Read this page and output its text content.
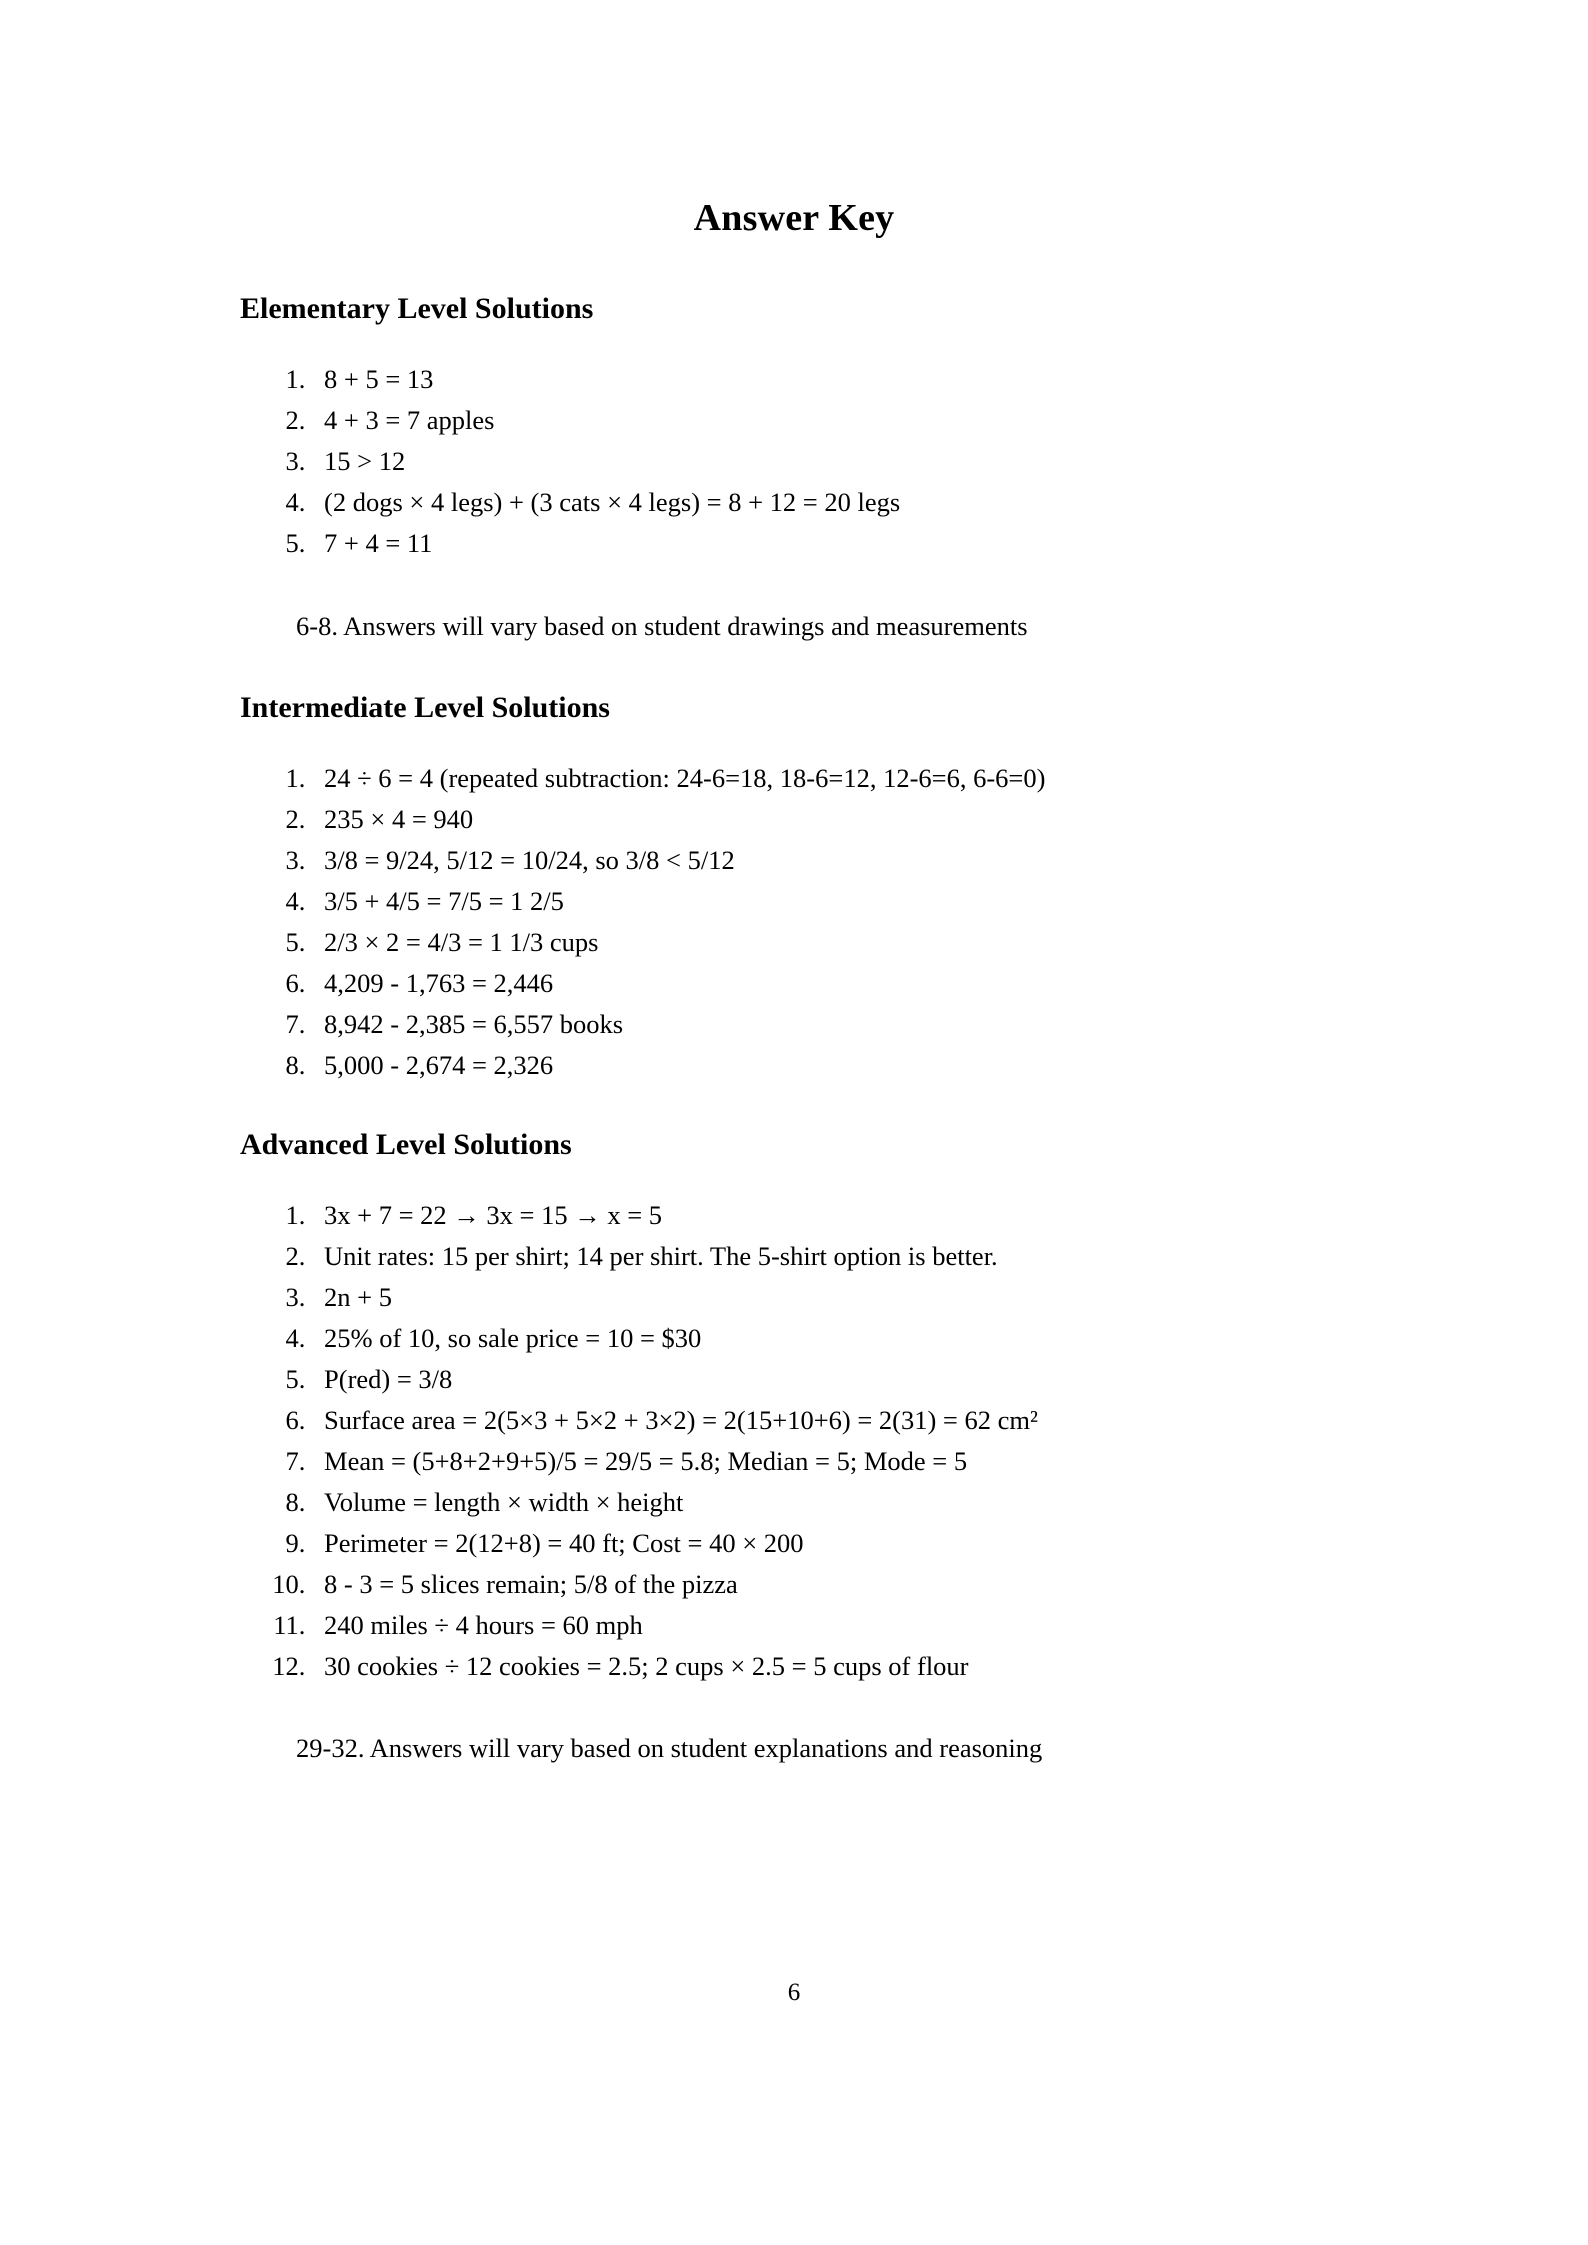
Answer Key
Elementary Level Solutions
1. 8 + 5 = 13
2. 4 + 3 = 7 apples
3. 15 > 12
4. (2 dogs × 4 legs) + (3 cats × 4 legs) = 8 + 12 = 20 legs
5. 7 + 4 = 11

6-8. Answers will vary based on student drawings and measurements

Intermediate Level Solutions
1. 24 ÷ 6 = 4 (repeated subtraction: 24-6=18, 18-6=12, 12-6=6, 6-6=0)
2. 235 × 4 = 940
3. 3/8 = 9/24, 5/12 = 10/24, so 3/8 < 5/12
4. 3/5 + 4/5 = 7/5 = 1 2/5
5. 2/3 × 2 = 4/3 = 1 1/3 cups
6. 4,209 - 1,763 = 2,446
7. 8,942 - 2,385 = 6,557 books
8. 5,000 - 2,674 = 2,326
Advanced Level Solutions
1. 3x + 7 = 22 → 3x = 15 → x = 5
2. Unit rates: 15 per shirt; 14 per shirt. The 5-shirt option is better.
3. 2n + 5
4. 25% of 10, so sale price = 10 = $30
5. P(red) = 3/8
6. Surface area = 2(5×3 + 5×2 + 3×2) = 2(15+10+6) = 2(31) = 62 cm²
7. Mean = (5+8+2+9+5)/5 = 29/5 = 5.8; Median = 5; Mode = 5
8. Volume = length × width × height
9. Perimeter = 2(12+8) = 40 ft; Cost = 40 × 200
10. 8 - 3 = 5 slices remain; 5/8 of the pizza
11. 240 miles ÷ 4 hours = 60 mph
12. 30 cookies ÷ 12 cookies = 2.5; 2 cups × 2.5 = 5 cups of flour

29-32. Answers will vary based on student explanations and reasoning

6
